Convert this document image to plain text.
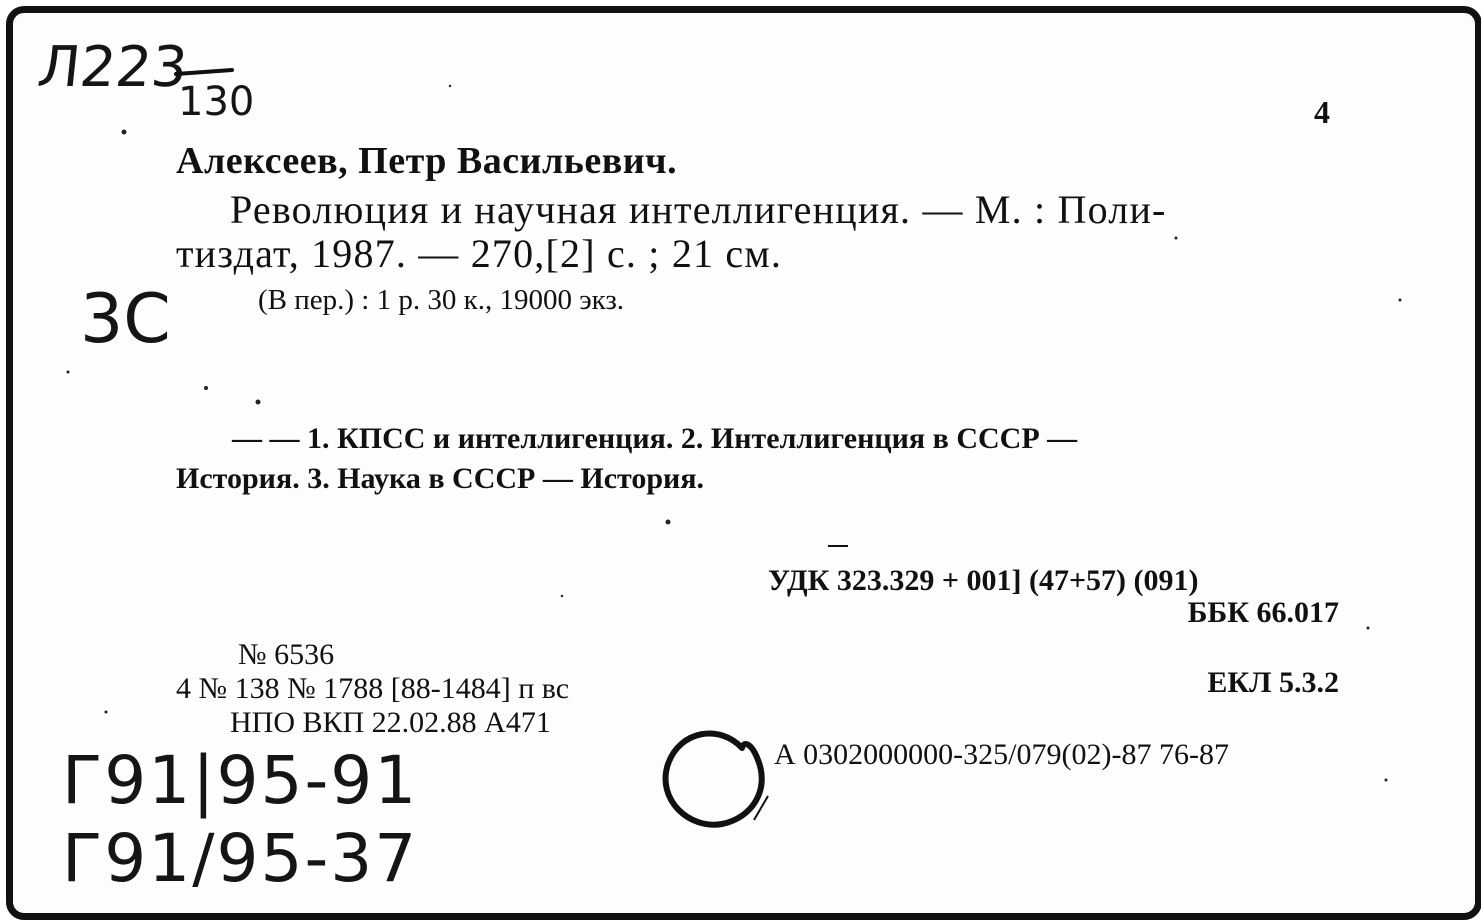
Л223
130	4
Алексеев, Петр Васильевич.
Революция и научная интеллигенция. — М. : Поли-
тиздат, 1987. — 270,[2] с. ; 21 см.
(В пер.) : 1 р. 30 к., 19000 экз.
3С
— — 1. КПСС и интеллигенция. 2. Интеллигенция в СССР —
История. 3. Наука в СССР — История.
УДК 323.329 + 001] (47+57) (091)
ББК 66.017
ЕКЛ 5.3.2
№ 6536
4 № 138 № 1788 [88-1484] п вс
НПО ВКП 22.02.88 А471
А 0302000000-325/079(02)-87 76-87
Г91|95-91
Г91/95-37
